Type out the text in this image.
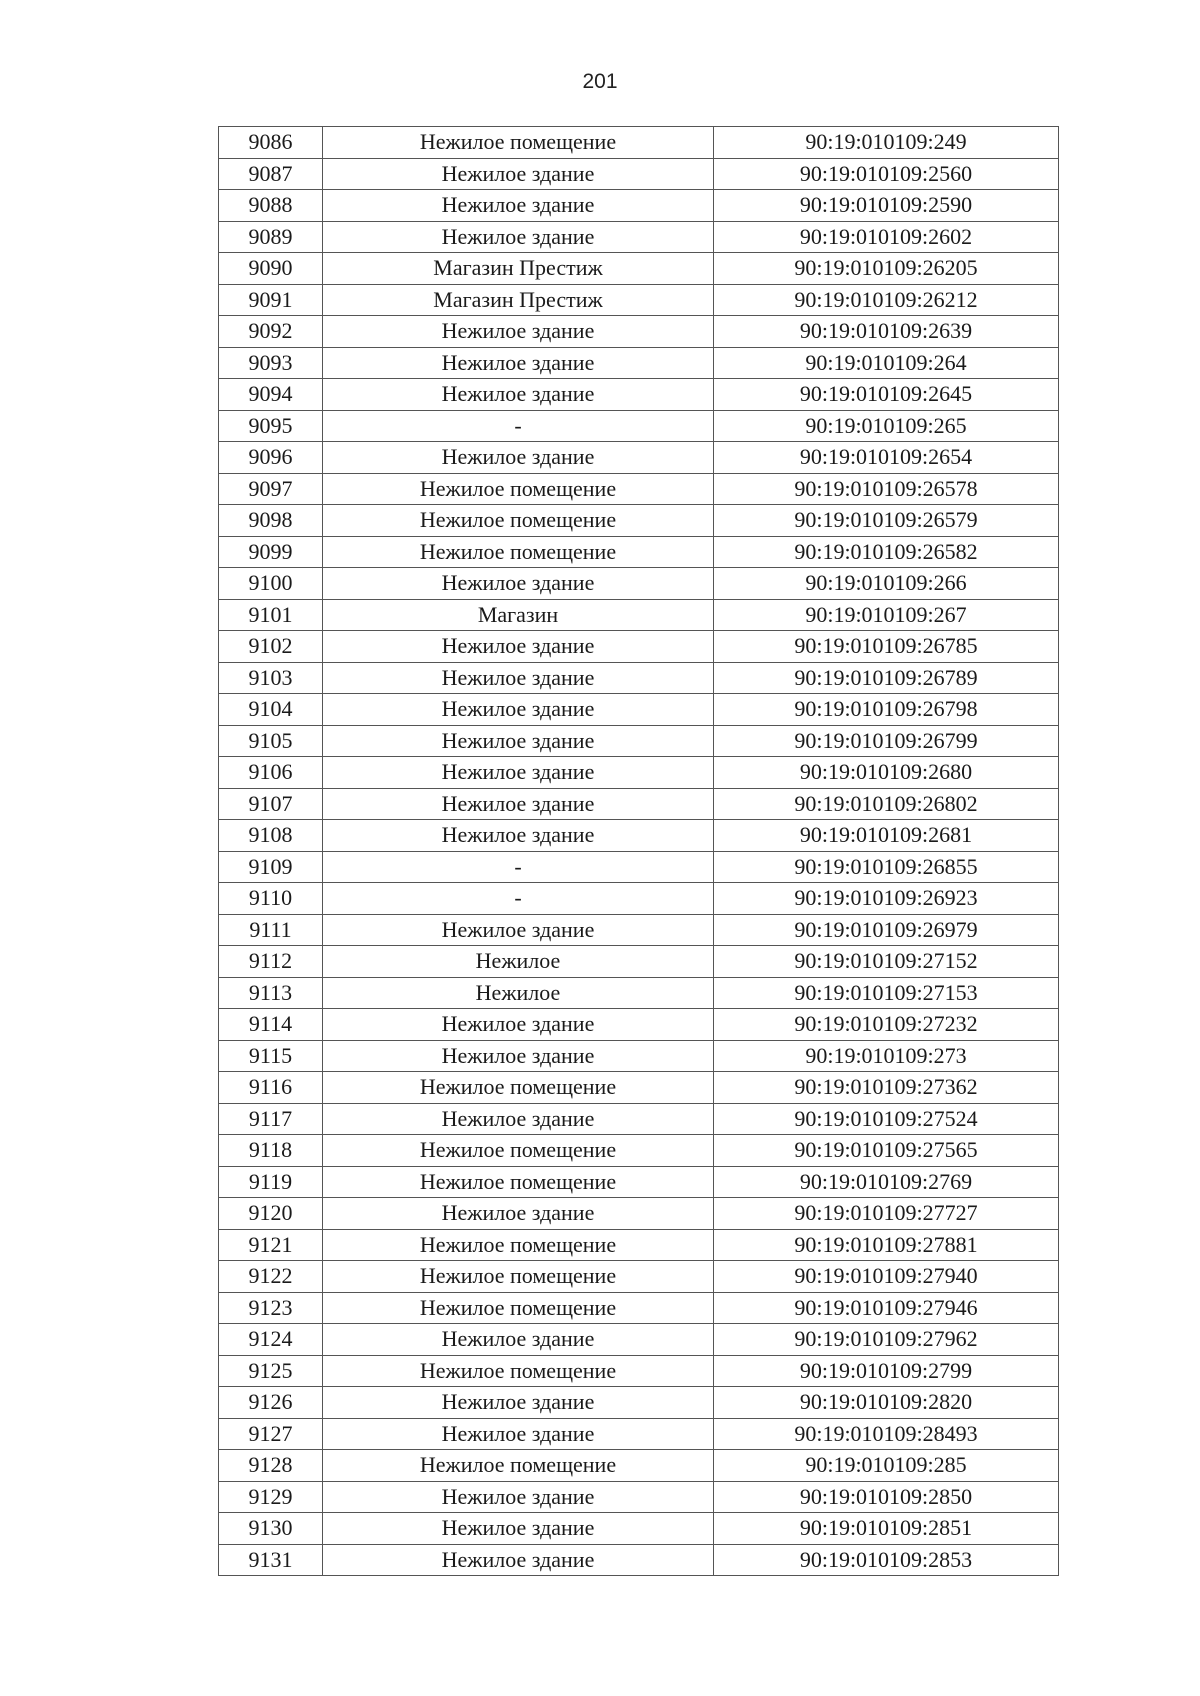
201
9086	Нежилое помещение	90:19:010109:249
9087	Нежилое здание	90:19:010109:2560
9088	Нежилое здание	90:19:010109:2590
9089	Нежилое здание	90:19:010109:2602
9090	Магазин Престиж	90:19:010109:26205
9091	Магазин Престиж	90:19:010109:26212
9092	Нежилое здание	90:19:010109:2639
9093	Нежилое здание	90:19:010109:264
9094	Нежилое здание	90:19:010109:2645
9095	-	90:19:010109:265
9096	Нежилое здание	90:19:010109:2654
9097	Нежилое помещение	90:19:010109:26578
9098	Нежилое помещение	90:19:010109:26579
9099	Нежилое помещение	90:19:010109:26582
9100	Нежилое здание	90:19:010109:266
9101	Магазин	90:19:010109:267
9102	Нежилое здание	90:19:010109:26785
9103	Нежилое здание	90:19:010109:26789
9104	Нежилое здание	90:19:010109:26798
9105	Нежилое здание	90:19:010109:26799
9106	Нежилое здание	90:19:010109:2680
9107	Нежилое здание	90:19:010109:26802
9108	Нежилое здание	90:19:010109:2681
9109	-	90:19:010109:26855
9110	-	90:19:010109:26923
9111	Нежилое здание	90:19:010109:26979
9112	Нежилое	90:19:010109:27152
9113	Нежилое	90:19:010109:27153
9114	Нежилое здание	90:19:010109:27232
9115	Нежилое здание	90:19:010109:273
9116	Нежилое помещение	90:19:010109:27362
9117	Нежилое здание	90:19:010109:27524
9118	Нежилое помещение	90:19:010109:27565
9119	Нежилое помещение	90:19:010109:2769
9120	Нежилое здание	90:19:010109:27727
9121	Нежилое помещение	90:19:010109:27881
9122	Нежилое помещение	90:19:010109:27940
9123	Нежилое помещение	90:19:010109:27946
9124	Нежилое здание	90:19:010109:27962
9125	Нежилое помещение	90:19:010109:2799
9126	Нежилое здание	90:19:010109:2820
9127	Нежилое здание	90:19:010109:28493
9128	Нежилое помещение	90:19:010109:285
9129	Нежилое здание	90:19:010109:2850
9130	Нежилое здание	90:19:010109:2851
9131	Нежилое здание	90:19:010109:2853
